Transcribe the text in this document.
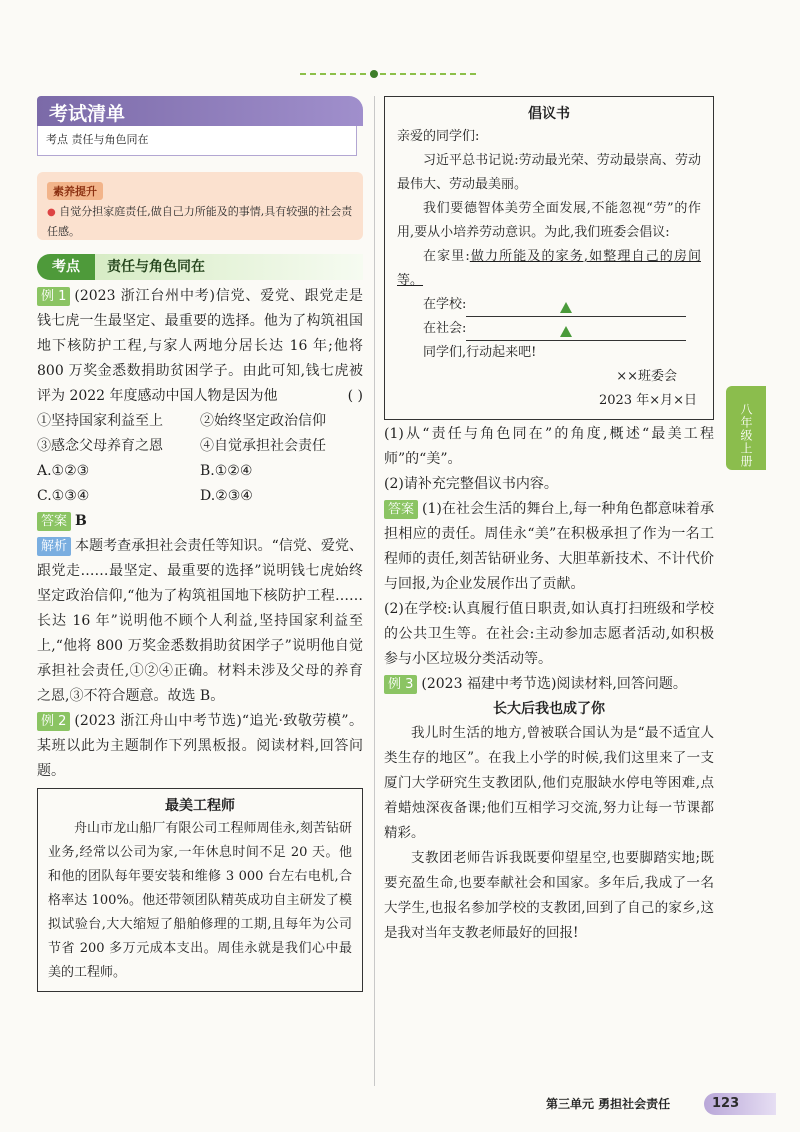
八年级上册
考试清单
考点 责任与角色同在
素养提升
● 自觉分担家庭责任,做自己力所能及的事情,具有较强的社会责任感。
考点	责任与角色同在
例 1 (2023 浙江台州中考)信党、爱党、跟党走是钱七虎一生最坚定、最重要的选择。他为了构筑祖国地下核防护工程,与家人两地分居长达 16 年;他将 800 万奖金悉数捐助贫困学子。由此可知,钱七虎被评为 2022 年度感动中国人物是因为他	( )
①坚持国家利益至上	②始终坚定政治信仰
③感念父母养育之恩	④自觉承担社会责任
A.①②③	B.①②④
C.①③④	D.②③④
答案 B
解析 本题考查承担社会责任等知识。“信党、爱党、跟党走……最坚定、最重要的选择”说明钱七虎始终坚定政治信仰,“他为了构筑祖国地下核防护工程……长达 16 年”说明他不顾个人利益,坚持国家利益至上,“他将 800 万奖金悉数捐助贫困学子”说明他自觉承担社会责任,①②④正确。材料未涉及父母的养育之恩,③不符合题意。故选 B。
例 2 (2023 浙江舟山中考节选)“追光·致敬劳模”。某班以此为主题制作下列黑板报。阅读材料,回答问题。
最美工程师
舟山市龙山船厂有限公司工程师周佳永,刻苦钻研业务,经常以公司为家,一年休息时间不足 20 天。他和他的团队每年要安装和维修 3 000 台左右电机,合格率达 100%。他还带领团队精英成功自主研发了模拟试验台,大大缩短了船舶修理的工期,且每年为公司节省 200 多万元成本支出。周佳永就是我们心中最美的工程师。
倡议书
亲爱的同学们:
习近平总书记说:劳动最光荣、劳动最崇高、劳动最伟大、劳动最美丽。
我们要德智体美劳全面发展,不能忽视“劳”的作用,要从小培养劳动意识。为此,我们班委会倡议:
在家里:做力所能及的家务,如整理自己的房间等。
在学校:
在社会:
同学们,行动起来吧!
××班委会
2023 年×月×日
(1)从“责任与角色同在”的角度,概述“最美工程师”的“美”。
(2)请补充完整倡议书内容。
答案 (1)在社会生活的舞台上,每一种角色都意味着承担相应的责任。周佳永“美”在积极承担了作为一名工程师的责任,刻苦钻研业务、大胆革新技术、不计代价与回报,为企业发展作出了贡献。
(2)在学校:认真履行值日职责,如认真打扫班级和学校的公共卫生等。在社会:主动参加志愿者活动,如积极参与小区垃圾分类活动等。
例 3 (2023 福建中考节选)阅读材料,回答问题。
长大后我也成了你
我儿时生活的地方,曾被联合国认为是“最不适宜人类生存的地区”。在我上小学的时候,我们这里来了一支厦门大学研究生支教团队,他们克服缺水停电等困难,点着蜡烛深夜备课;他们互相学习交流,努力让每一节课都精彩。
支教团老师告诉我既要仰望星空,也要脚踏实地;既要充盈生命,也要奉献社会和国家。多年后,我成了一名大学生,也报名参加学校的支教团,回到了自己的家乡,这是我对当年支教老师最好的回报!
第三单元 勇担社会责任	123
